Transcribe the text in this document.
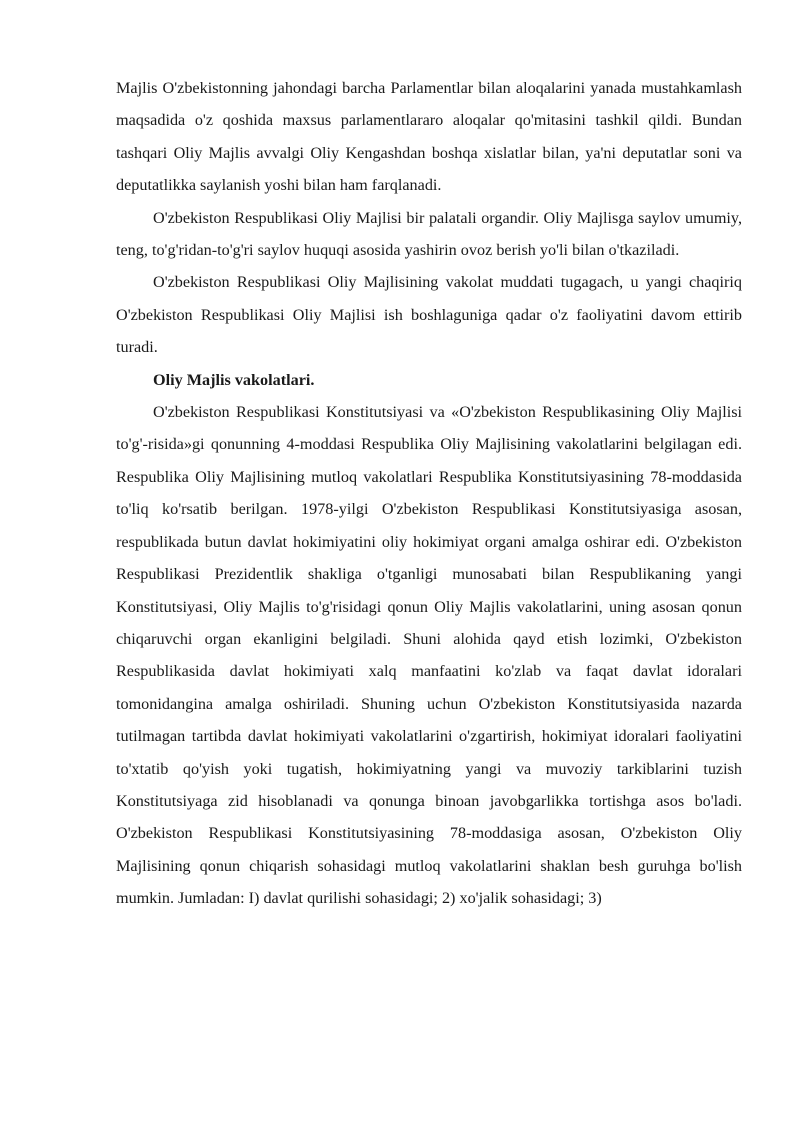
Majlis O'zbekistonning jahondagi barcha Parlamentlar bilan aloqalarini yanada mustahkamlash maqsadida o'z qoshida maxsus parlamentlararo aloqalar qo'mitasini tashkil qildi. Bundan tashqari Oliy Majlis avvalgi Oliy Kengashdan boshqa xislatlar bilan, ya'ni deputatlar soni va deputatlikka saylanish yoshi bilan ham farqlanadi.

O'zbekiston Respublikasi Oliy Majlisi bir palatali organdir. Oliy Majlisga saylov umumiy, teng, to'g'ridan-to'g'ri saylov huquqi asosida yashirin ovoz berish yo'li bilan o'tkaziladi.

O'zbekiston Respublikasi Oliy Majlisining vakolat muddati tugagach, u yangi chaqiriq O'zbekiston Respublikasi Oliy Majlisi ish boshlaguniga qadar o'z faoliyatini davom ettirib turadi.

Oliy Majlis vakolatlari.

O'zbekiston Respublikasi Konstitutsiyasi va «O'zbekiston Respublikasining Oliy Majlisi to'g'-risida»gi qonunning 4-moddasi Respublika Oliy Majlisining vakolatlarini belgilagan edi. Respublika Oliy Majlisining mutloq vakolatlari Respublika Konstitutsiyasining 78-moddasida to'liq ko'rsatib berilgan. 1978-yilgi O'zbekiston Respublikasi Konstitutsiyasiga asosan, respublikada butun davlat hokimiyatini oliy hokimiyat organi amalga oshirar edi. O'zbekiston Respublikasi Prezidentlik shakliga o'tganligi munosabati bilan Respublikaning yangi Konstitutsiyasi, Oliy Majlis to'g'risidagi qonun Oliy Majlis vakolatlarini, uning asosan qonun chiqaruvchi organ ekanligini belgiladi. Shuni alohida qayd etish lozimki, O'zbekiston Respublikasida davlat hokimiyati xalq manfaatini ko'zlab va faqat davlat idoralari tomonidangina amalga oshiriladi. Shuning uchun O'zbekiston Konstitutsiyasida nazarda tutilmagan tartibda davlat hokimiyati vakolatlarini o'zgartirish, hokimiyat idoralari faoliyatini to'xtatib qo'yish yoki tugatish, hokimiyatning yangi va muvoziy tarkiblarini tuzish Konstitutsiyaga zid hisoblanadi va qonunga binoan javobgarlikka tortishga asos bo'ladi. O'zbekiston Respublikasi Konstitutsiyasining 78-moddasiga asosan, O'zbekiston Oliy Majlisining qonun chiqarish sohasidagi mutloq vakolatlarini shaklan besh guruhga bo'lish mumkin. Jumladan: I) davlat qurilishi sohasidagi; 2) xo'jalik sohasidagi; 3)
